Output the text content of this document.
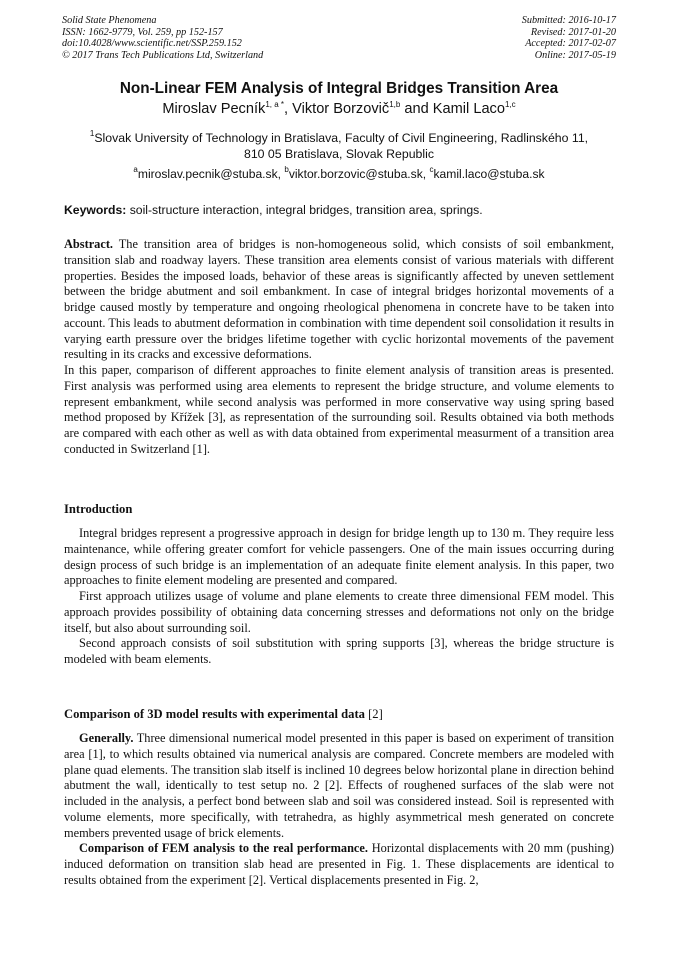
Solid State Phenomena
ISSN: 1662-9779, Vol. 259, pp 152-157
doi:10.4028/www.scientific.net/SSP.259.152
© 2017 Trans Tech Publications Ltd, Switzerland
Submitted: 2016-10-17
Revised: 2017-01-20
Accepted: 2017-02-07
Online: 2017-05-19
Non-Linear FEM Analysis of Integral Bridges Transition Area
Miroslav Pecník$^{1, a *}$, Viktor Borzovič$^{1,b}$ and Kamil Laco$^{1,c}$
$^1$Slovak University of Technology in Bratislava, Faculty of Civil Engineering, Radlinského 11,
810 05 Bratislava, Slovak Republic
$^a$miroslav.pecnik@stuba.sk, $^b$viktor.borzovic@stuba.sk, $^c$kamil.laco@stuba.sk
Keywords: soil-structure interaction, integral bridges, transition area, springs.

Abstract. The transition area of bridges is non-homogeneous solid, which consists of soil embankment, transition slab and roadway layers. These transition area elements consist of various materials with different properties. Besides the imposed loads, behavior of these areas is significantly affected by uneven settlement between the bridge abutment and soil embankment. In case of integral bridges horizontal movements of a bridge caused mostly by temperature and ongoing rheological phenomena in concrete have to be taken into account. This leads to abutment deformation in combination with time dependent soil consolidation it results in varying earth pressure over the bridges lifetime together with cyclic horizontal movements of the pavement resulting in its cracks and excessive deformations.

In this paper, comparison of different approaches to finite element analysis of transition areas is presented. First analysis was performed using area elements to represent the bridge structure, and volume elements to represent embankment, while second analysis was performed in more conservative way using spring based method proposed by Křížek [3], as representation of the surrounding soil. Results obtained via both methods are compared with each other as well as with data obtained from experimental measurment of a transition area conducted in Switzerland [1].

Introduction

Integral bridges represent a progressive approach in design for bridge length up to 130 m. They require less maintenance, while offering greater comfort for vehicle passengers. One of the main issues occurring during design process of such bridge is an implementation of an adequate finite element analysis. In this paper, two approaches to finite element modeling are presented and compared.

First approach utilizes usage of volume and plane elements to create three dimensional FEM model. This approach provides possibility of obtaining data concerning stresses and deformations not only on the bridge itself, but also about surrounding soil.

Second approach consists of soil substitution with spring supports [3], whereas the bridge structure is modeled with beam elements.

Comparison of 3D model results with experimental data [2]

Generally. Three dimensional numerical model presented in this paper is based on experiment of transition area [1], to which results obtained via numerical analysis are compared. Concrete members are modeled with plane quad elements. The transition slab itself is inclined 10 degrees below horizontal plane in direction behind abutment the wall, identically to test setup no. 2 [2]. Effects of roughened surfaces of the slab were not included in the analysis, a perfect bond between slab and soil was considered instead. Soil is represented with volume elements, more specifically, with tetrahedra, as highly asymmetrical mesh generated on concrete members prevented usage of brick elements.

Comparison of FEM analysis to the real performance. Horizontal displacements with 20 mm (pushing) induced deformation on transition slab head are presented in Fig. 1. These displacements are identical to results obtained from the experiment [2]. Vertical displacements presented in Fig. 2,
